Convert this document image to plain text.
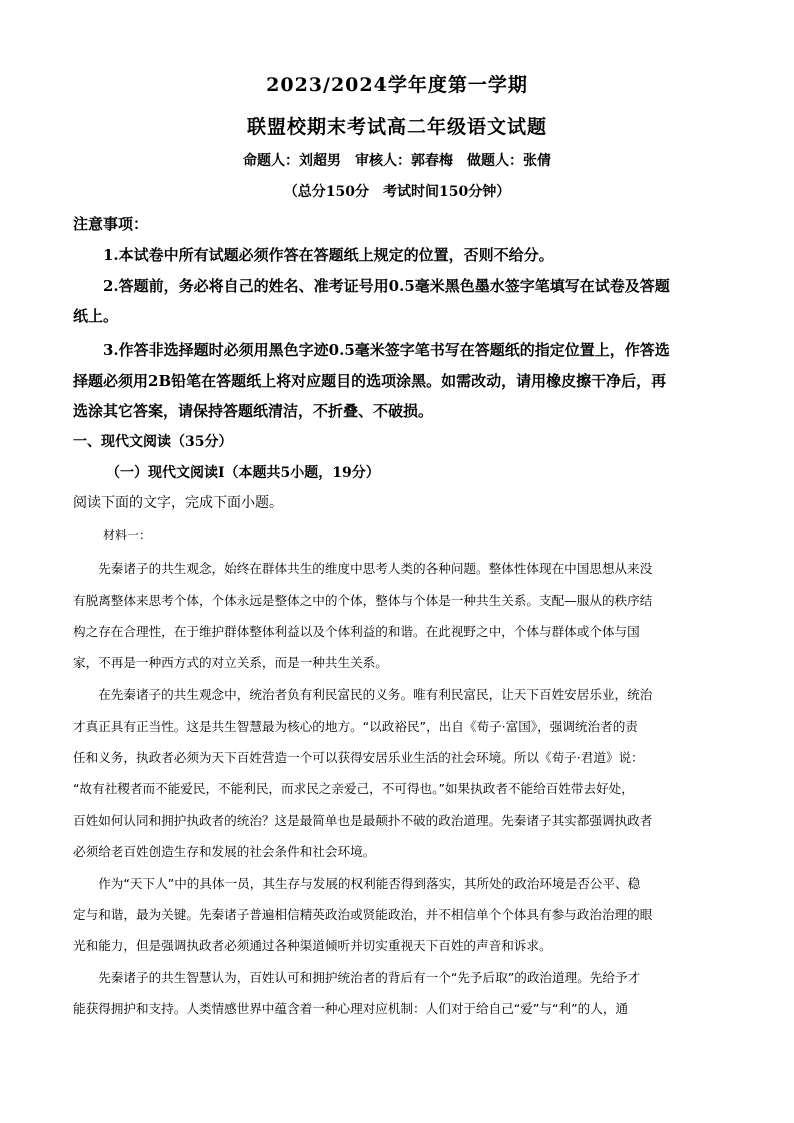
2023/2024学年度第一学期
联盟校期末考试高二年级语文试题
命题人：刘超男　审核人：郭春梅　做题人：张倩
（总分150分　考试时间150分钟）
注意事项：
　　1.本试卷中所有试题必须作答在答题纸上规定的位置，否则不给分。
　　2.答题前，务必将自己的姓名、准考证号用0.5毫米黑色墨水签字笔填写在试卷及答题
纸上。
　　3.作答非选择题时必须用黑色字迹0.5毫米签字笔书写在答题纸的指定位置上，作答选
择题必须用2B铅笔在答题纸上将对应题目的选项涂黑。如需改动，请用橡皮擦干净后，再
选涂其它答案，请保持答题纸清洁，不折叠、不破损。
一、现代文阅读（35分）
（一）现代文阅读Ⅰ（本题共5小题，19分）
阅读下面的文字，完成下面小题。
材料一：
　　先秦诸子的共生观念，始终在群体共生的维度中思考人类的各种问题。整体性体现在中国思想从来没
有脱离整体来思考个体，个体永远是整体之中的个体，整体与个体是一种共生关系。支配—服从的秩序结
构之存在合理性，在于维护群体整体利益以及个体利益的和谐。在此视野之中，个体与群体或个体与国
家，不再是一种西方式的对立关系，而是一种共生关系。
　　在先秦诸子的共生观念中，统治者负有利民富民的义务。唯有利民富民，让天下百姓安居乐业，统治
才真正具有正当性。这是共生智慧最为核心的地方。“以政裕民”，出自《荀子·富国》，强调统治者的责
任和义务，执政者必须为天下百姓营造一个可以获得安居乐业生活的社会环境。所以《荀子·君道》说：
“故有社稷者而不能爱民，不能利民，而求民之亲爱己，不可得也。”如果执政者不能给百姓带去好处，
百姓如何认同和拥护执政者的统治？这是最简单也是最颠扑不破的政治道理。先秦诸子其实都强调执政者
必须给老百姓创造生存和发展的社会条件和社会环境。
　　作为“天下人”中的具体一员，其生存与发展的权利能否得到落实，其所处的政治环境是否公平、稳
定与和谐，最为关键。先秦诸子普遍相信精英政治或贤能政治，并不相信单个个体具有参与政治治理的眼
光和能力，但是强调执政者必须通过各种渠道倾听并切实重视天下百姓的声音和诉求。
　　先秦诸子的共生智慧认为，百姓认可和拥护统治者的背后有一个“先予后取”的政治道理。先给予才
能获得拥护和支持。人类情感世界中蕴含着一种心理对应机制：人们对于给自己“爱”与“利”的人，通
